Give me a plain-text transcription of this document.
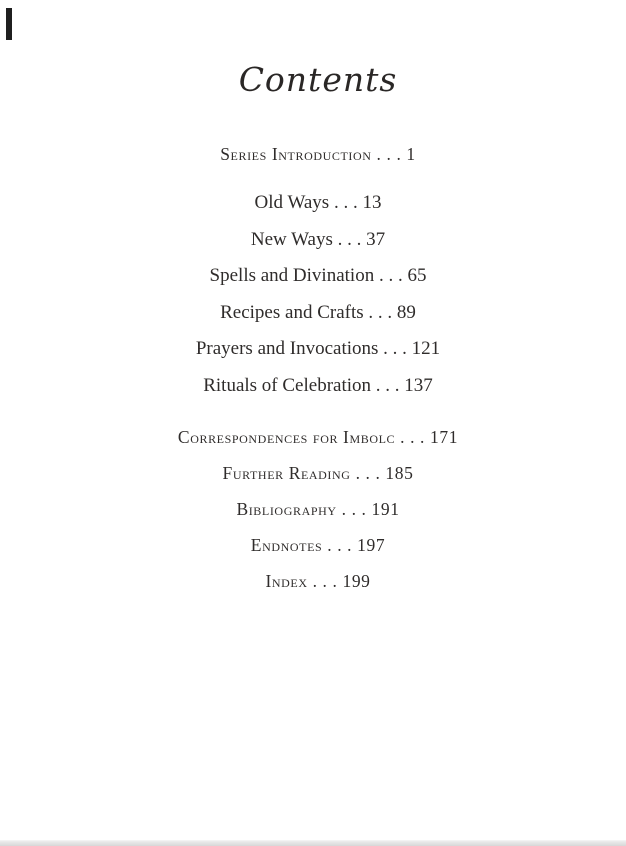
Contents
Series Introduction . . . 1
Old Ways . . . 13
New Ways . . . 37
Spells and Divination . . . 65
Recipes and Crafts . . . 89
Prayers and Invocations . . . 121
Rituals of Celebration . . . 137
Correspondences for Imbolc . . . 171
Further Reading . . . 185
Bibliography . . . 191
Endnotes . . . 197
Index . . . 199
